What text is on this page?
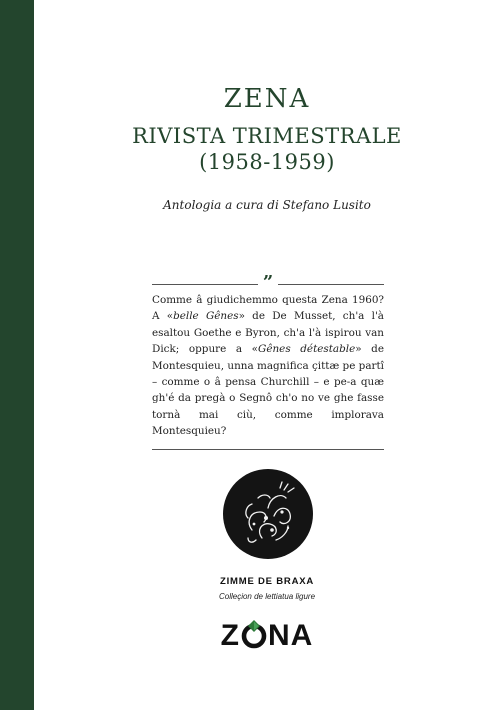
ZENA
RIVISTA TRIMESTRALE
(1958-1959)
Antologia a cura di Stefano Lusito
”
Comme â giudichemmo questa Zena 1960? A «belle Gênes» de De Musset, ch'a l'à esaltou Goethe e Byron, ch'a l'à ispirou van Dick; oppure a «Gênes détestable» de Montesquieu, unna magnifica çittæ pe partî – comme o â pensa Churchill – e pe-a quæ gh'é da pregà o Segnô ch'o no ve ghe fasse tornà mai ciù, comme implorava Montesquieu?
ZIMME DE BRAXA
Colleçion de lettiatua ligure
Z NA
